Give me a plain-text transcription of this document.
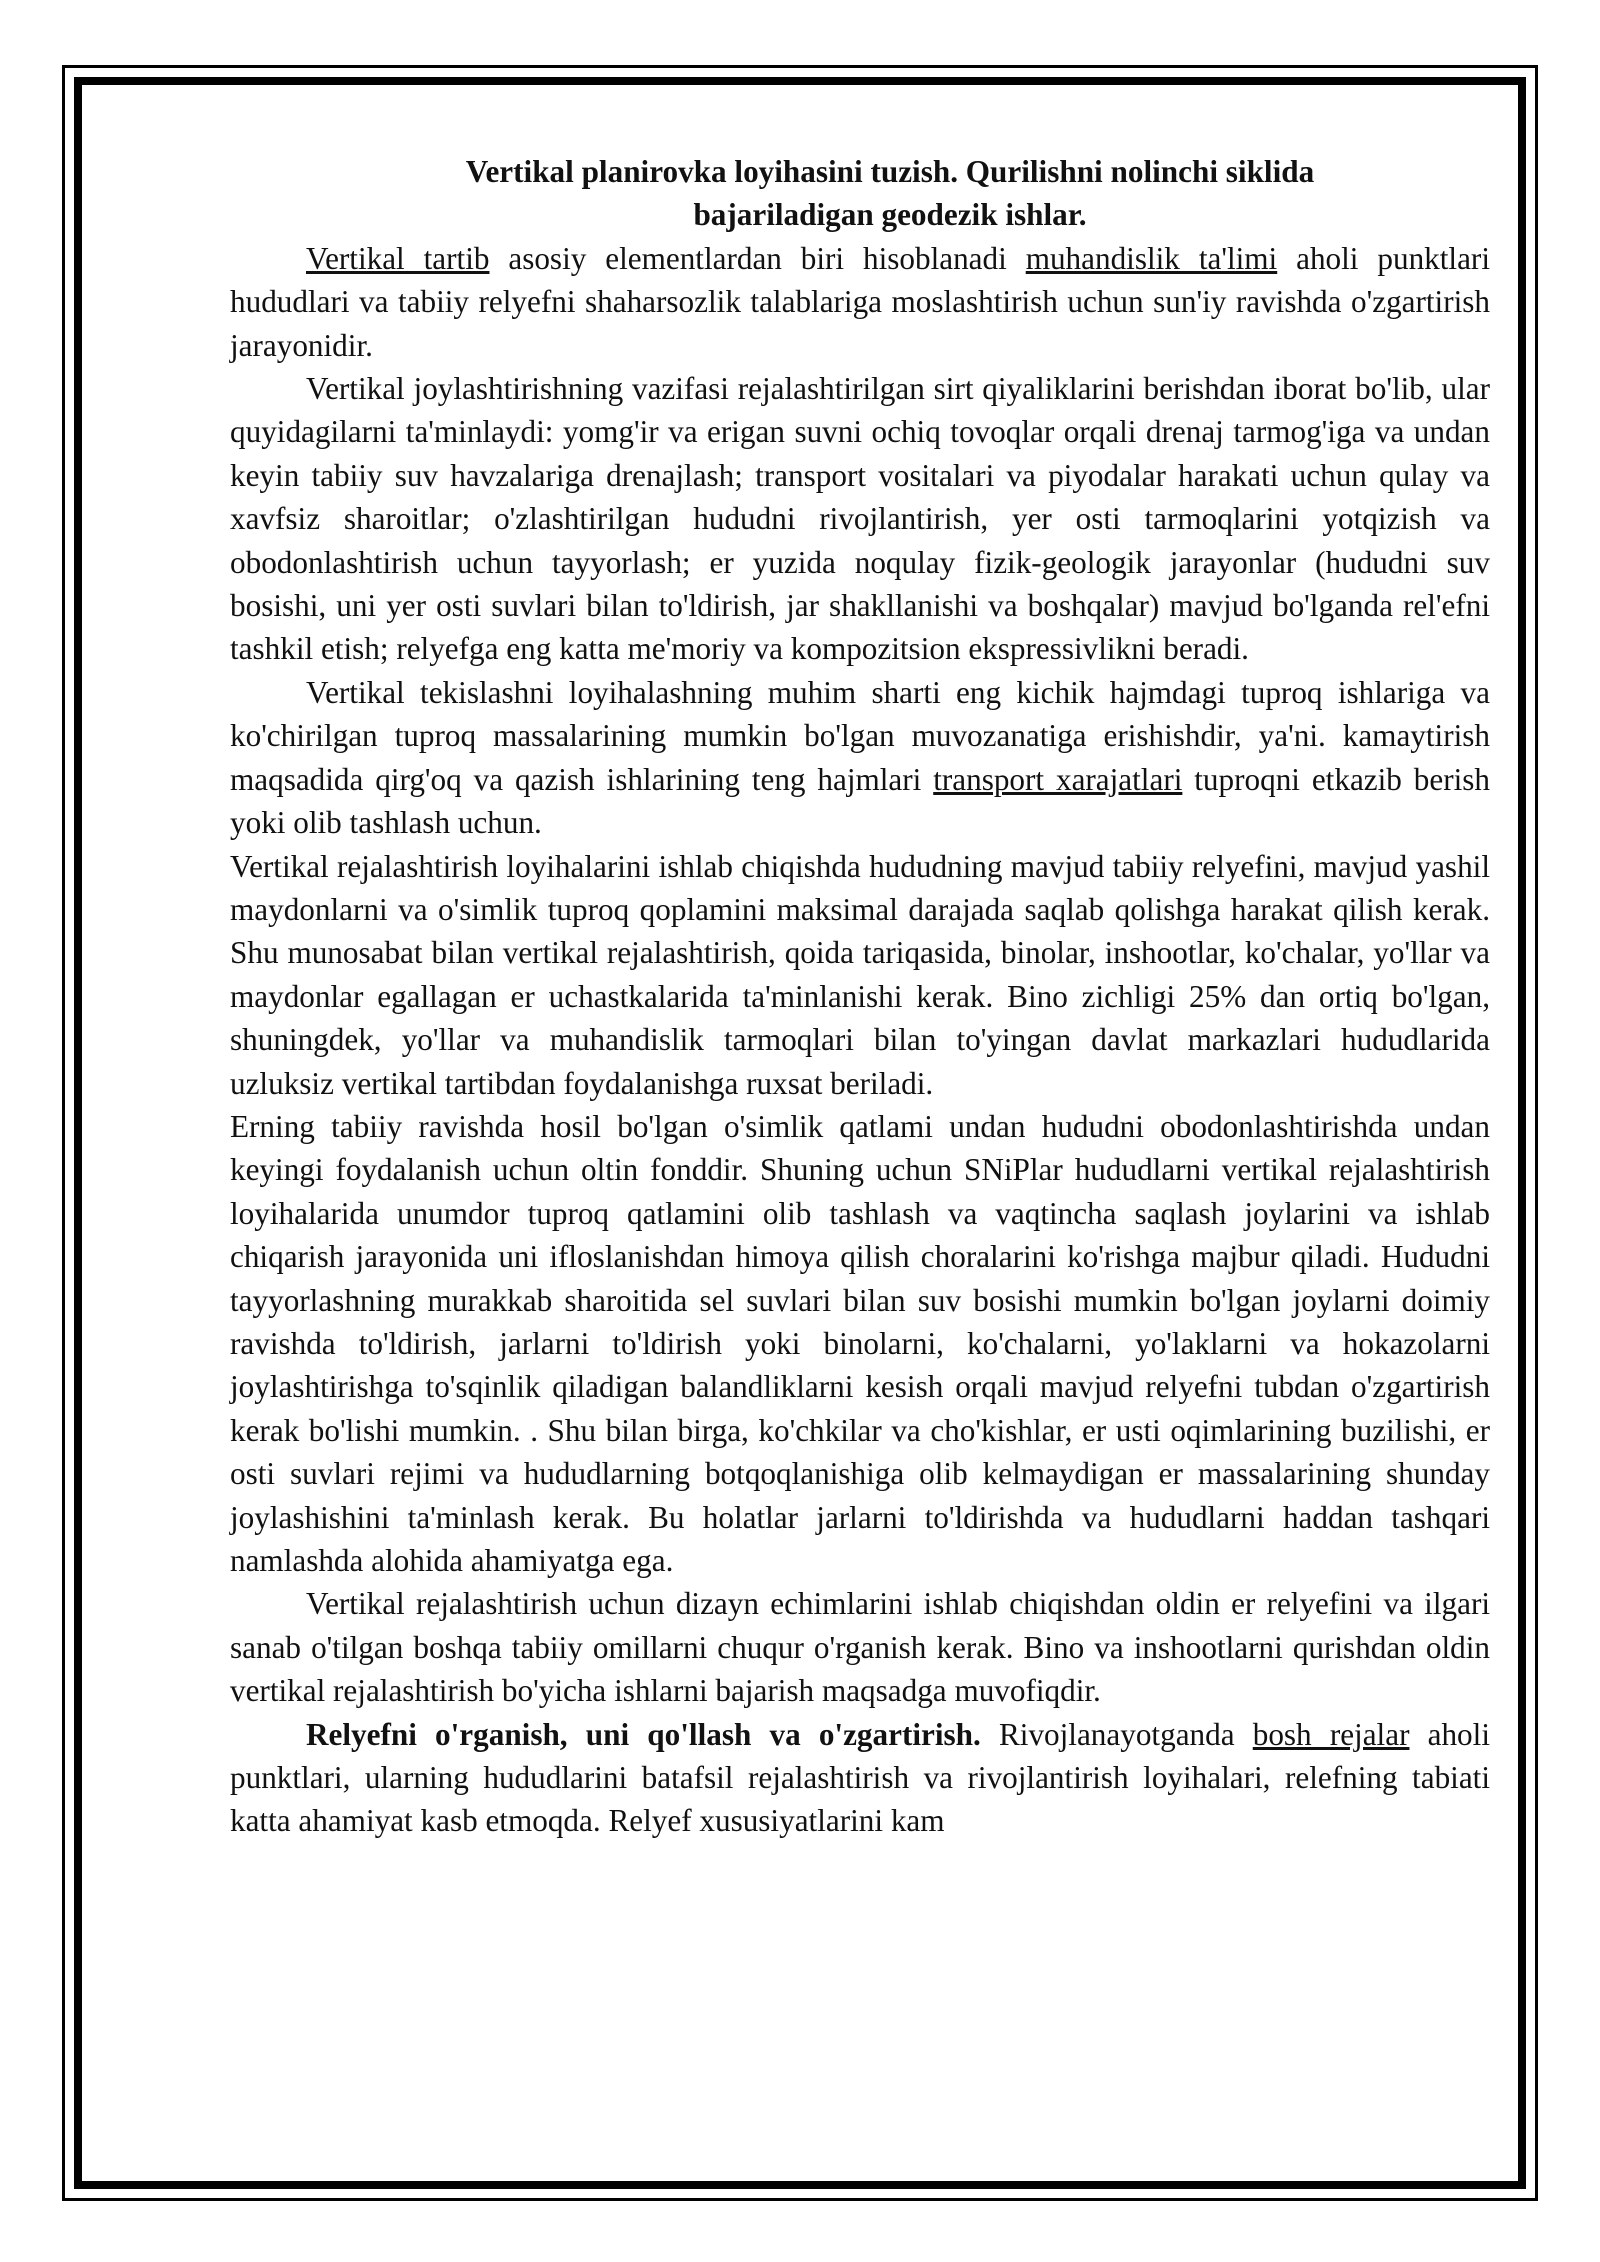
Vertikal planirovka loyihasini tuzish. Qurilishni nolinchi siklida
bajariladigan geodezik ishlar.

Vertikal tartib asosiy elementlardan biri hisoblanadi muhandislik ta'limi aholi punktlari hududlari va tabiiy relyefni shaharsozlik talablariga moslashtirish uchun sun'iy ravishda o'zgartirish jarayonidir.

Vertikal joylashtirishning vazifasi rejalashtirilgan sirt qiyaliklarini berishdan iborat bo'lib, ular quyidagilarni ta'minlaydi: yomg'ir va erigan suvni ochiq tovoqlar orqali drenaj tarmog'iga va undan keyin tabiiy suv havzalariga drenajlash; transport vositalari va piyodalar harakati uchun qulay va xavfsiz sharoitlar; o'zlashtirilgan hududni rivojlantirish, yer osti tarmoqlarini yotqizish va obodonlashtirish uchun tayyorlash; er yuzida noqulay fizik-geologik jarayonlar (hududni suv bosishi, uni yer osti suvlari bilan to'ldirish, jar shakllanishi va boshqalar) mavjud bo'lganda rel'efni tashkil etish; relyefga eng katta me'moriy va kompozitsion ekspressivlikni beradi.

Vertikal tekislashni loyihalashning muhim sharti eng kichik hajmdagi tuproq ishlariga va ko'chirilgan tuproq massalarining mumkin bo'lgan muvozanatiga erishishdir, ya'ni. kamaytirish maqsadida qirg'oq va qazish ishlarining teng hajmlari transport xarajatlari tuproqni etkazib berish yoki olib tashlash uchun.

Vertikal rejalashtirish loyihalarini ishlab chiqishda hududning mavjud tabiiy relyefini, mavjud yashil maydonlarni va o'simlik tuproq qoplamini maksimal darajada saqlab qolishga harakat qilish kerak. Shu munosabat bilan vertikal rejalashtirish, qoida tariqasida, binolar, inshootlar, ko'chalar, yo'llar va maydonlar egallagan er uchastkalarida ta'minlanishi kerak. Bino zichligi 25% dan ortiq bo'lgan, shuningdek, yo'llar va muhandislik tarmoqlari bilan to'yingan davlat markazlari hududlarida uzluksiz vertikal tartibdan foydalanishga ruxsat beriladi.

Erning tabiiy ravishda hosil bo'lgan o'simlik qatlami undan hududni obodonlashtirishda undan keyingi foydalanish uchun oltin fonddir. Shuning uchun SNiPlar hududlarni vertikal rejalashtirish loyihalarida unumdor tuproq qatlamini olib tashlash va vaqtincha saqlash joylarini va ishlab chiqarish jarayonida uni ifloslanishdan himoya qilish choralarini ko'rishga majbur qiladi. Hududni tayyorlashning murakkab sharoitida sel suvlari bilan suv bosishi mumkin bo'lgan joylarni doimiy ravishda to'ldirish, jarlarni to'ldirish yoki binolarni, ko'chalarni, yo'laklarni va hokazolarni joylashtirishga to'sqinlik qiladigan balandliklarni kesish orqali mavjud relyefni tubdan o'zgartirish kerak bo'lishi mumkin. . Shu bilan birga, ko'chkilar va cho'kishlar, er usti oqimlarining buzilishi, er osti suvlari rejimi va hududlarning botqoqlanishiga olib kelmaydigan er massalarining shunday joylashishini ta'minlash kerak. Bu holatlar jarlarni to'ldirishda va hududlarni haddan tashqari namlashda alohida ahamiyatga ega.

Vertikal rejalashtirish uchun dizayn echimlarini ishlab chiqishdan oldin er relyefini va ilgari sanab o'tilgan boshqa tabiiy omillarni chuqur o'rganish kerak. Bino va inshootlarni qurishdan oldin vertikal rejalashtirish bo'yicha ishlarni bajarish maqsadga muvofiqdir.

Relyefni o'rganish, uni qo'llash va o'zgartirish. Rivojlanayotganda bosh rejalar aholi punktlari, ularning hududlarini batafsil rejalashtirish va rivojlantirish loyihalari, relefning tabiati katta ahamiyat kasb etmoqda. Relyef xususiyatlarini kam
